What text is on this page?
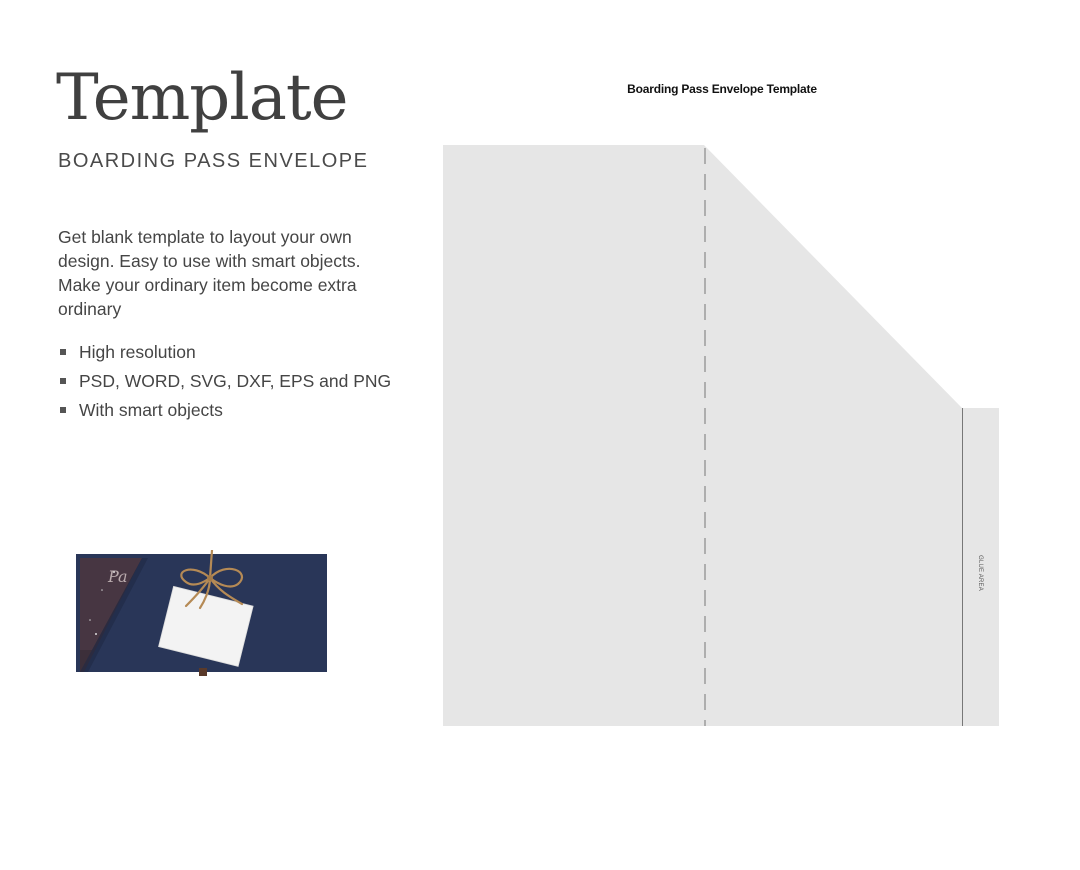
Template
BOARDING PASS ENVELOPE

Get blank template to layout your own design. Easy to use with smart objects. Make your ordinary item become extra ordinary

High resolution
PSD, WORD, SVG, DXF, EPS and PNG
With smart objects
Pa
Boarding Pass Envelope Template
GLUE AREA
